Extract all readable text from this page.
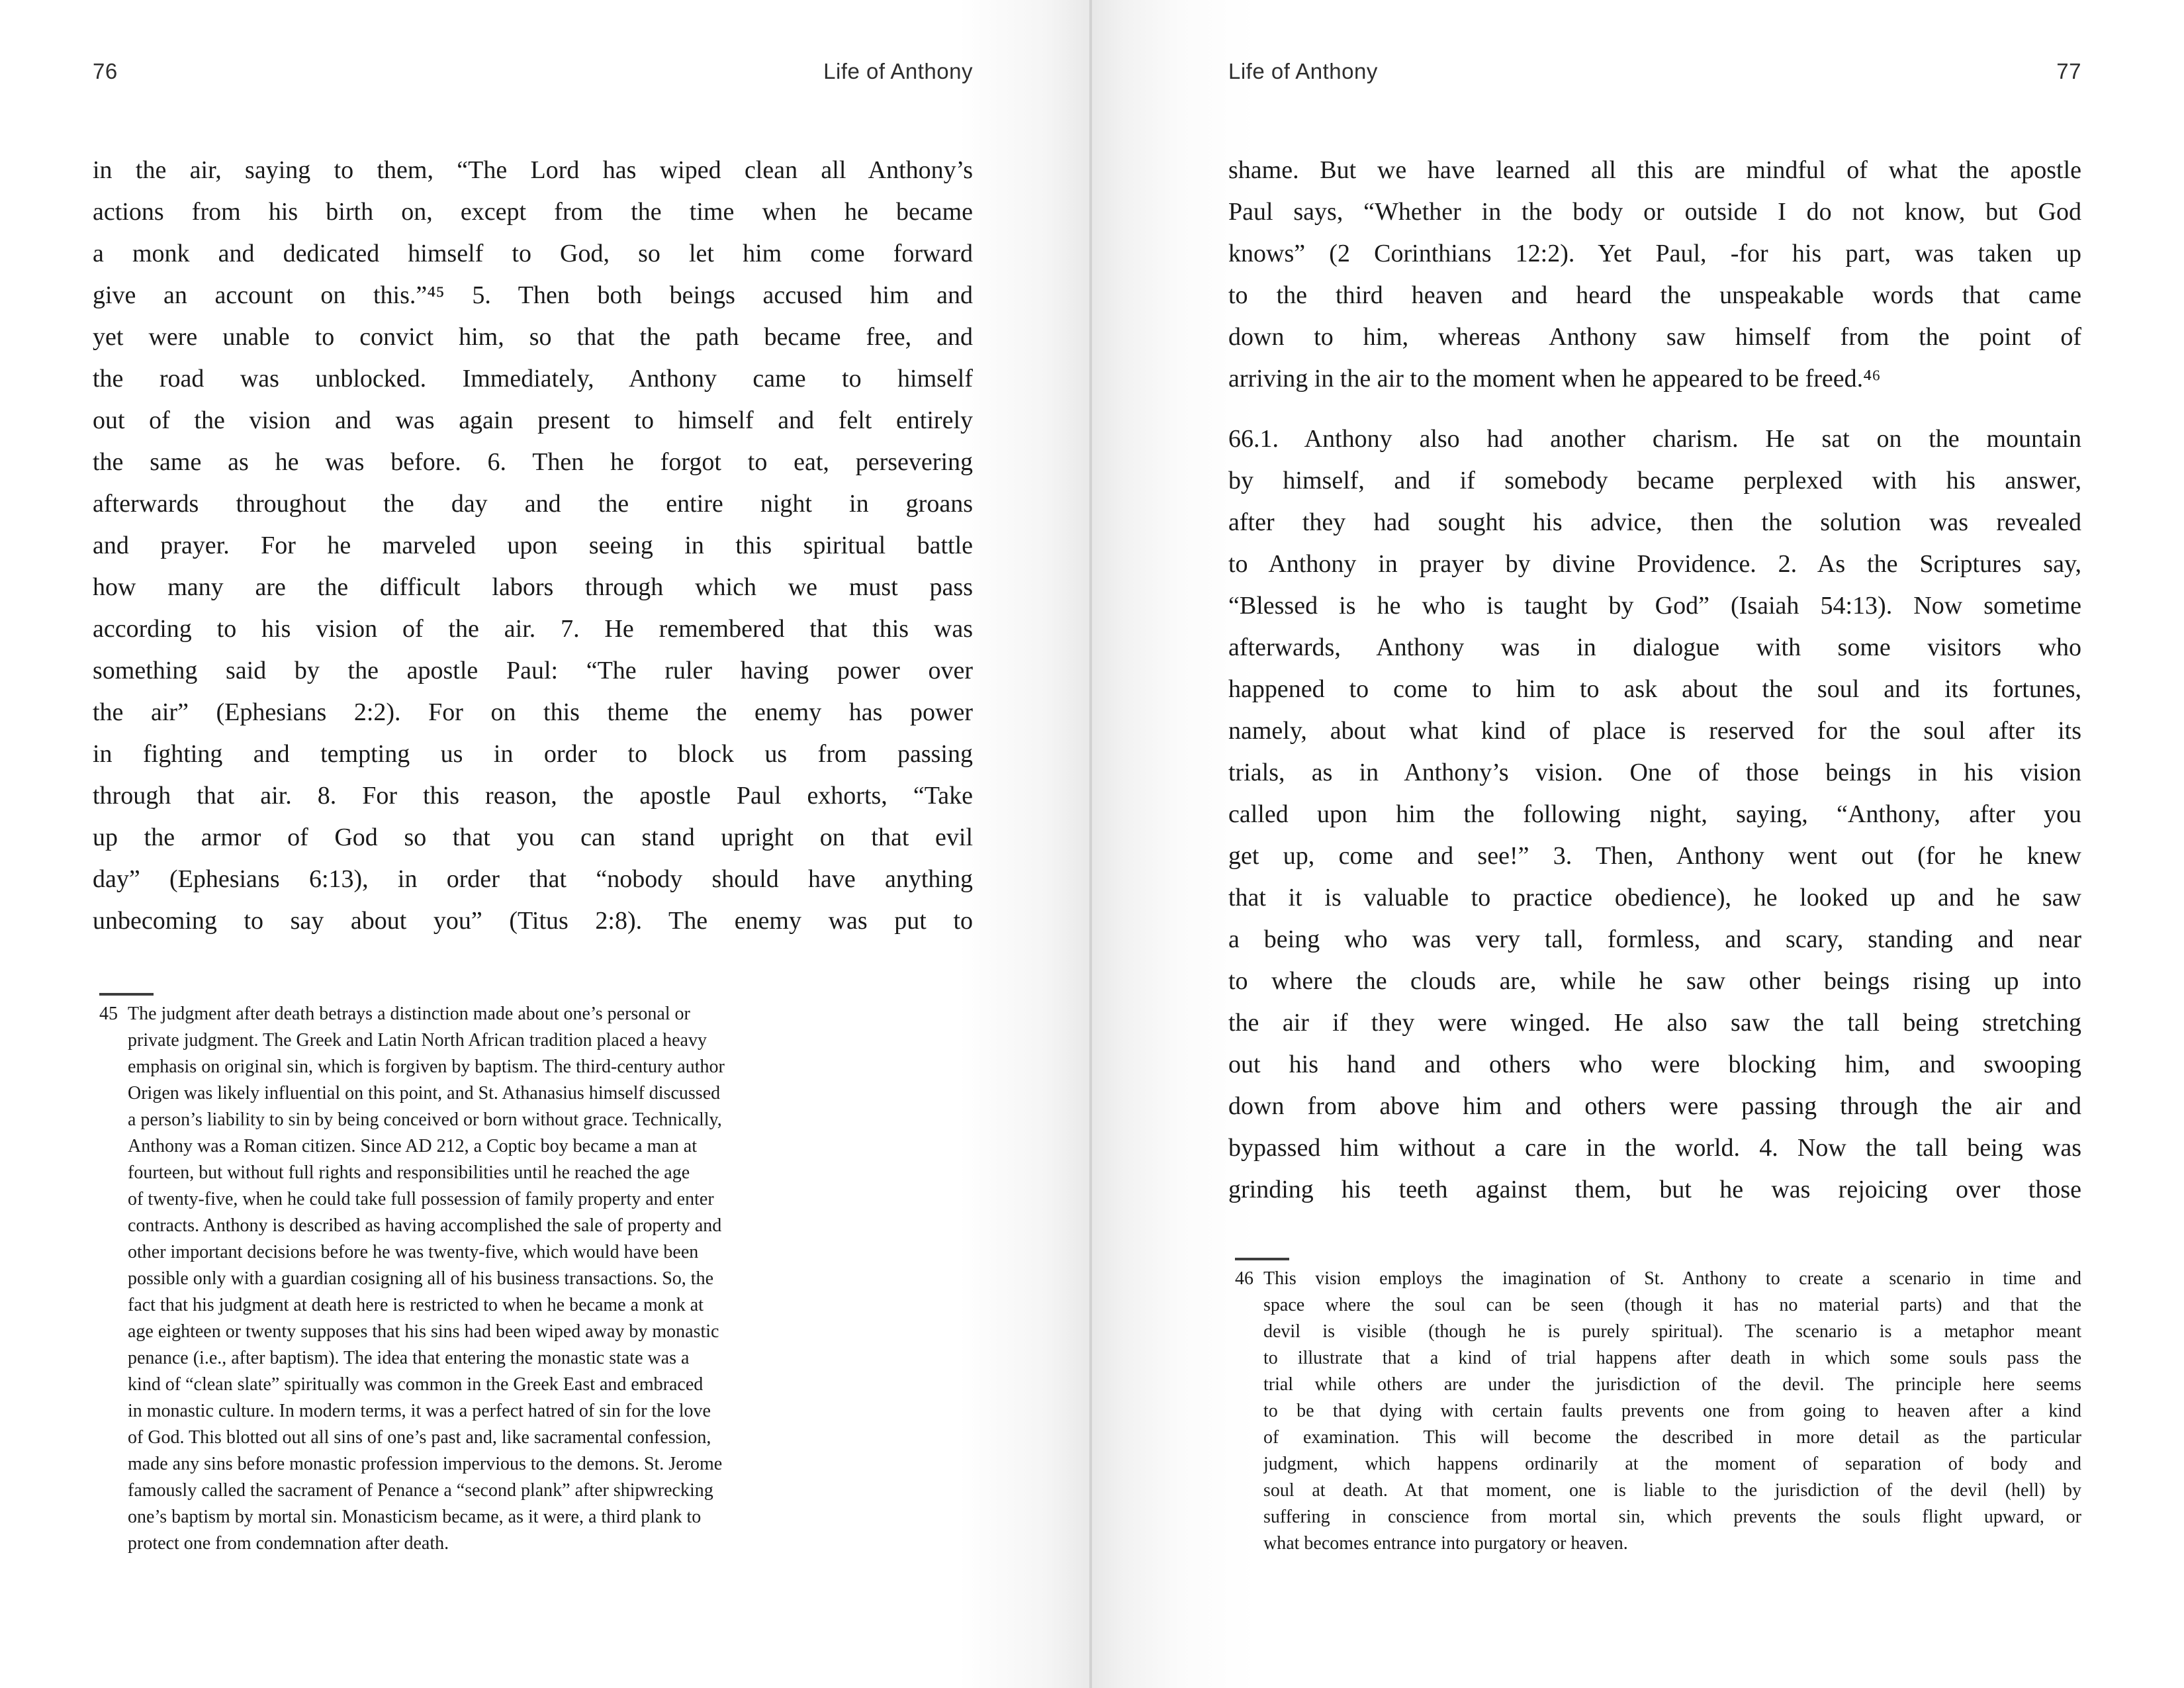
76	Life of Anthony
in the air, saying to them, “The Lord has wiped clean all Anthony’s
actions from his birth on, except from the time when he became
a monk and dedicated himself to God, so let him come forward
give an account on this.”⁴⁵ 5. Then both beings accused him and
yet were unable to convict him, so that the path became free, and
the road was unblocked. Immediately, Anthony came to himself
out of the vision and was again present to himself and felt entirely
the same as he was before. 6. Then he forgot to eat, persevering
afterwards throughout the day and the entire night in groans
and prayer. For he marveled upon seeing in this spiritual battle
how many are the difficult labors through which we must pass
according to his vision of the air. 7. He remembered that this was
something said by the apostle Paul: “The ruler having power over
the air” (Ephesians 2:2). For on this theme the enemy has power
in fighting and tempting us in order to block us from passing
through that air. 8. For this reason, the apostle Paul exhorts, “Take
up the armor of God so that you can stand upright on that evil
day” (Ephesians 6:13), in order that “nobody should have anything
unbecoming to say about you” (Titus 2:8). The enemy was put to
45 The judgment after death betrays a distinction made about one’s personal or
private judgment. The Greek and Latin North African tradition placed a heavy
emphasis on original sin, which is forgiven by baptism. The third-century author
Origen was likely influential on this point, and St. Athanasius himself discussed
a person’s liability to sin by being conceived or born without grace. Technically,
Anthony was a Roman citizen. Since AD 212, a Coptic boy became a man at
fourteen, but without full rights and responsibilities until he reached the age
of twenty-five, when he could take full possession of family property and enter
contracts. Anthony is described as having accomplished the sale of property and
other important decisions before he was twenty-five, which would have been
possible only with a guardian cosigning all of his business transactions. So, the
fact that his judgment at death here is restricted to when he became a monk at
age eighteen or twenty supposes that his sins had been wiped away by monastic
penance (i.e., after baptism). The idea that entering the monastic state was a
kind of “clean slate” spiritually was common in the Greek East and embraced
in monastic culture. In modern terms, it was a perfect hatred of sin for the love
of God. This blotted out all sins of one’s past and, like sacramental confession,
made any sins before monastic profession impervious to the demons. St. Jerome
famously called the sacrament of Penance a “second plank” after shipwrecking
one’s baptism by mortal sin. Monasticism became, as it were, a third plank to
protect one from condemnation after death.
Life of Anthony	77
shame. But we have learned all this are mindful of what the apostle
Paul says, “Whether in the body or outside I do not know, but God
knows” (2 Corinthians 12:2). Yet Paul, -for his part, was taken up
to the third heaven and heard the unspeakable words that came
down to him, whereas Anthony saw himself from the point of
arriving in the air to the moment when he appeared to be freed.⁴⁶
66.1. Anthony also had another charism. He sat on the mountain
by himself, and if somebody became perplexed with his answer,
after they had sought his advice, then the solution was revealed
to Anthony in prayer by divine Providence. 2. As the Scriptures say,
“Blessed is he who is taught by God” (Isaiah 54:13). Now sometime
afterwards, Anthony was in dialogue with some visitors who
happened to come to him to ask about the soul and its fortunes,
namely, about what kind of place is reserved for the soul after its
trials, as in Anthony’s vision. One of those beings in his vision
called upon him the following night, saying, “Anthony, after you
get up, come and see!” 3. Then, Anthony went out (for he knew
that it is valuable to practice obedience), he looked up and he saw
a being who was very tall, formless, and scary, standing and near
to where the clouds are, while he saw other beings rising up into
the air if they were winged. He also saw the tall being stretching
out his hand and others who were blocking him, and swooping
down from above him and others were passing through the air and
bypassed him without a care in the world. 4. Now the tall being was
grinding his teeth against them, but he was rejoicing over those
46 This vision employs the imagination of St. Anthony to create a scenario in time and
space where the soul can be seen (though it has no material parts) and that the
devil is visible (though he is purely spiritual). The scenario is a metaphor meant
to illustrate that a kind of trial happens after death in which some souls pass the
trial while others are under the jurisdiction of the devil. The principle here seems
to be that dying with certain faults prevents one from going to heaven after a kind
of examination. This will become the described in more detail as the particular
judgment, which happens ordinarily at the moment of separation of body and
soul at death. At that moment, one is liable to the jurisdiction of the devil (hell) by
suffering in conscience from mortal sin, which prevents the souls flight upward, or
what becomes entrance into purgatory or heaven.
